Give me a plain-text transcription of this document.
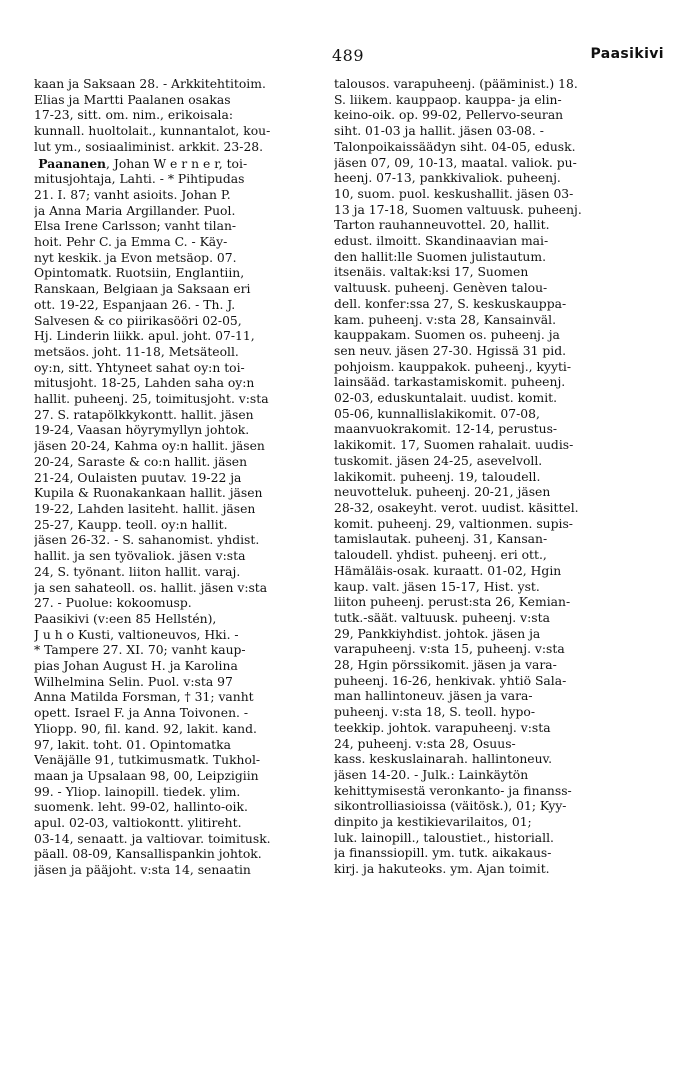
489	Paasikivi

kaan ja Saksaan 28. - Arkkitehtitoim.

Elias ja Martti Paalanen osakas

17-23, sitt. om. nim., erikoisala:

kunnall. huoltolait., kunnantalot, kou-

lut ym., sosiaaliminist. arkkit. 23-28.

Paananen, Johan W e r n e r, toi-

mitusjohtaja, Lahti. - * Pihtipudas

21. I. 87; vanht asioits. Johan P.

ja Anna Maria Argillander. Puol.

Elsa Irene Carlsson; vanht tilan-

hoit. Pehr C. ja Emma C. - Käy-

nyt keskik. ja Evon metsäop. 07.

Opintomatk. Ruotsiin, Englantiin,

Ranskaan, Belgiaan ja Saksaan eri

ott. 19-22, Espanjaan 26. - Th. J.

Salvesen & co piirikasööri 02-05,

Hj. Linderin liikk. apul. joht. 07-11,

metsäos. joht. 11-18, Metsäteoll.

oy:n, sitt. Yhtyneet sahat oy:n toi-

mitusjoht. 18-25, Lahden saha oy:n

hallit. puheenj. 25, toimitusjoht. v:sta

27. S. ratapölkkykontt. hallit. jäsen

19-24, Vaasan höyrymyllyn johtok.

jäsen 20-24, Kahma oy:n hallit. jäsen

20-24, Saraste & co:n hallit. jäsen

21-24, Oulaisten puutav. 19-22 ja

Kupila & Ruonakankaan hallit. jäsen

19-22, Lahden lasiteht. hallit. jäsen

25-27, Kaupp. teoll. oy:n hallit.

jäsen 26-32. - S. sahanomist. yhdist.

hallit. ja sen työvaliok. jäsen v:sta

24, S. työnant. liiton hallit. varaj.

ja sen sahateoll. os. hallit. jäsen v:sta

27. - Puolue: kokoomusp.

Paasikivi (v:een 85 Hellstén),

J u h o Kusti, valtioneuvos, Hki. -

* Tampere 27. XI. 70; vanht kaup-

pias Johan August H. ja Karolina

Wilhelmina Selin. Puol. v:sta 97

Anna Matilda Forsman, † 31; vanht

opett. Israel F. ja Anna Toivonen. -

Yliopp. 90, fil. kand. 92, lakit. kand.

97, lakit. toht. 01. Opintomatka

Venäjälle 91, tutkimusmatk. Tukhol-

maan ja Upsalaan 98, 00, Leipzigiin

99. - Yliop. lainopill. tiedek. ylim.

suomenk. leht. 99-02, hallinto-oik.

apul. 02-03, valtiokontt. ylitireht.

03-14, senaatt. ja valtiovar. toimitusk.

päall. 08-09, Kansallispankin johtok.

jäsen ja pääjoht. v:sta 14, senaatin

talousos. varapuheenj. (pääminist.) 18.

S. liikem. kauppaop. kauppa- ja elin-

keino-oik. op. 99-02, Pellervo-seuran

siht. 01-03 ja hallit. jäsen 03-08. -

Talonpoikaissäädyn siht. 04-05, edusk.

jäsen 07, 09, 10-13, maatal. valiok. pu-

heenj. 07-13, pankkivaliok. puheenj.

10, suom. puol. keskushallit. jäsen 03-

13 ja 17-18, Suomen valtuusk. puheenj.

Tarton rauhanneuvottel. 20, hallit.

edust. ilmoitt. Skandinaavian mai-

den hallit:lle Suomen julistautum.

itsenäis. valtak:ksi 17, Suomen

valtuusk. puheenj. Genèven talou-

dell. konfer:ssa 27, S. keskuskauppa-

kam. puheenj. v:sta 28, Kansainväl.

kauppakam. Suomen os. puheenj. ja

sen neuv. jäsen 27-30. Hgissä 31 pid.

pohjoism. kauppakok. puheenj., kyyti-

lainsääd. tarkastamiskomit. puheenj.

02-03, eduskuntalait. uudist. komit.

05-06, kunnallislakikomit. 07-08,

maanvuokrakomit. 12-14, perustus-

lakikomit. 17, Suomen rahalait. uudis-

tuskomit. jäsen 24-25, asevelvoll.

lakikomit. puheenj. 19, taloudell.

neuvotteluk. puheenj. 20-21, jäsen

28-32, osakeyht. verot. uudist. käsittel.

komit. puheenj. 29, valtionmen. supis-

tamislautak. puheenj. 31, Kansan-

taloudell. yhdist. puheenj. eri ott.,

Hämäläis-osak. kuraatt. 01-02, Hgin

kaup. valt. jäsen 15-17, Hist. yst.

liiton puheenj. perust:sta 26, Kemian-

tutk.-säät. valtuusk. puheenj. v:sta

29, Pankkiyhdist. johtok. jäsen ja

varapuheenj. v:sta 15, puheenj. v:sta

28, Hgin pörssikomit. jäsen ja vara-

puheenj. 16-26, henkivak. yhtiö Sala-

man hallintoneuv. jäsen ja vara-

puheenj. v:sta 18, S. teoll. hypo-

teekkip. johtok. varapuheenj. v:sta

24, puheenj. v:sta 28, Osuus-

kass. keskuslainarah. hallintoneuv.

jäsen 14-20. - Julk.: Lainkäytön

kehittymisestä veronkanto- ja finanss-

sikontrolliasioissa (väitösk.), 01; Kyy-

dinpito ja kestikievarilaitos, 01;

luk. lainopill., taloustiet., historiall.

ja finanssiopill. ym. tutk. aikakaus-

kirj. ja hakuteoks. ym. Ajan toimit.
